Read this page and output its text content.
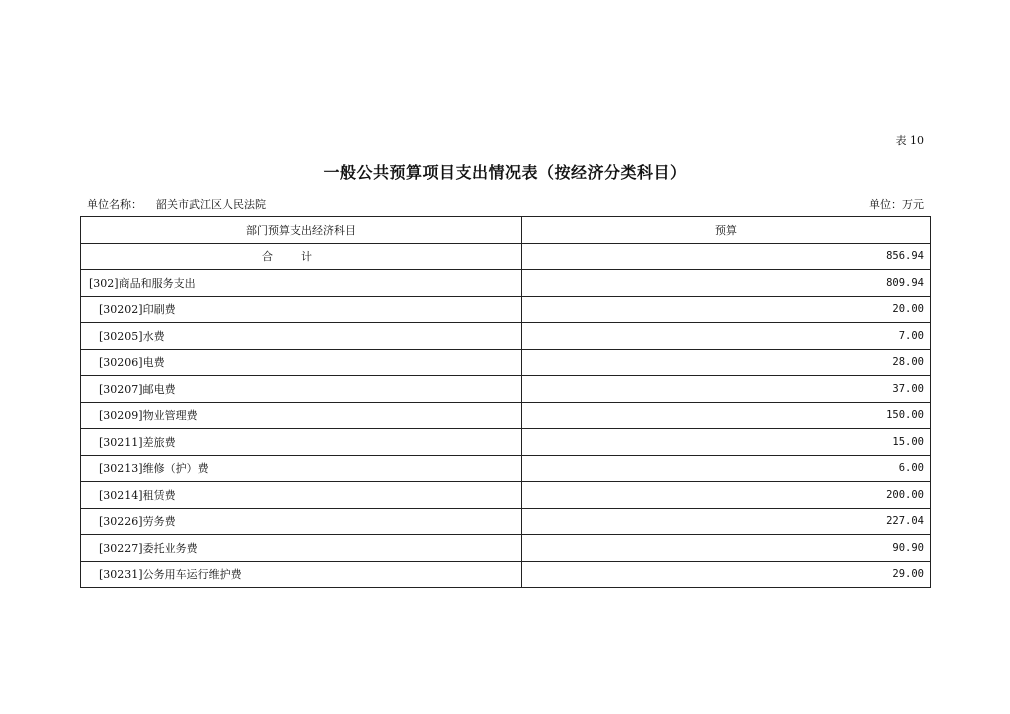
表 10
一般公共预算项目支出情况表（按经济分类科目）
单位名称： 韶关市武江区人民法院	单位：万元
部门预算支出经济科目	预算
合计	856.94
[302]商品和服务支出	809.94
[30202]印刷费	20.00
[30205]水费	7.00
[30206]电费	28.00
[30207]邮电费	37.00
[30209]物业管理费	150.00
[30211]差旅费	15.00
[30213]维修（护）费	6.00
[30214]租赁费	200.00
[30226]劳务费	227.04
[30227]委托业务费	90.90
[30231]公务用车运行维护费	29.00
